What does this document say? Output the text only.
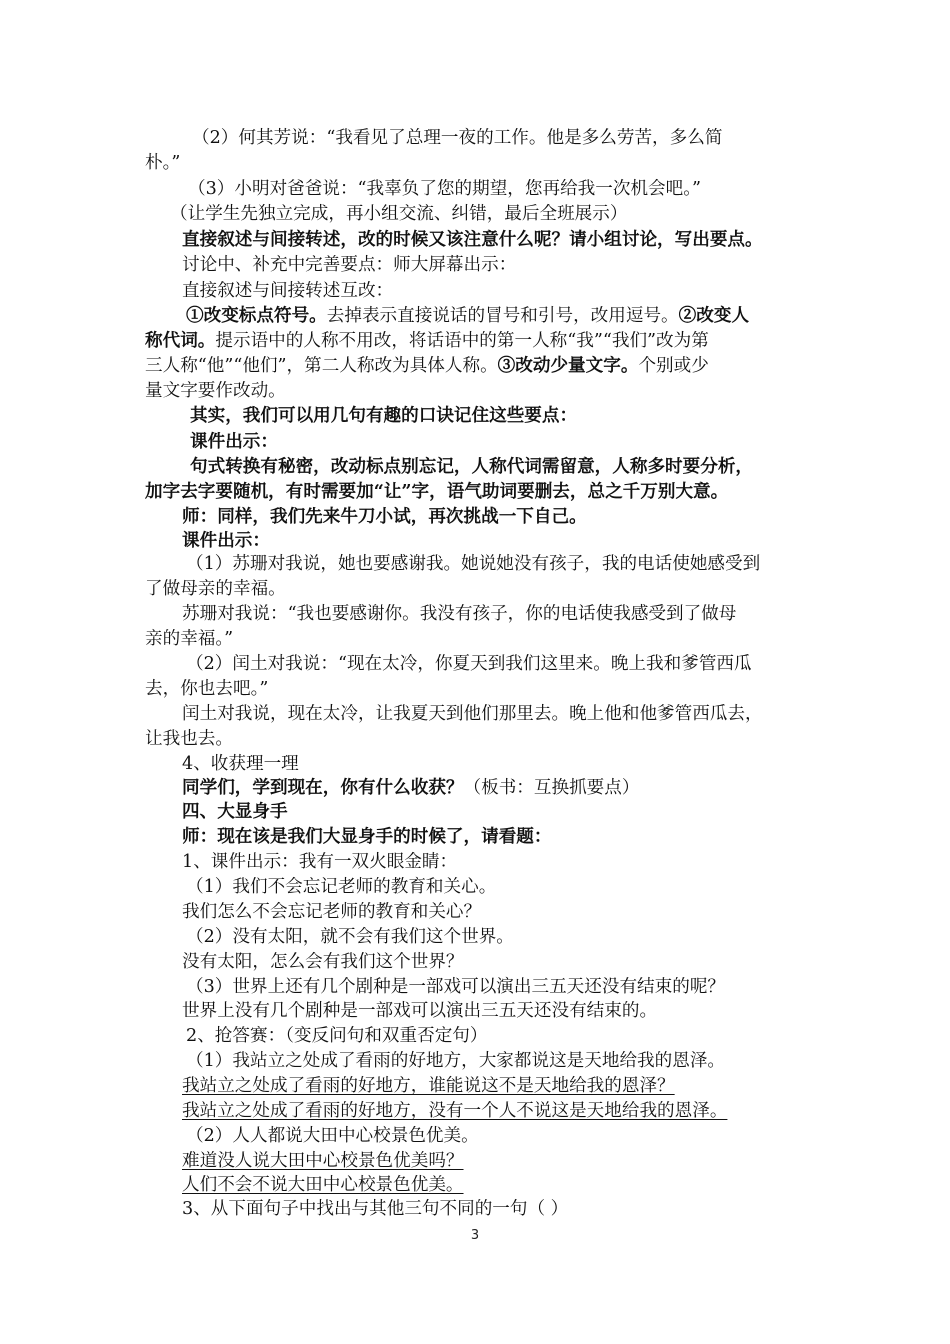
（2）何其芳说：“我看见了总理一夜的工作。他是多么劳苦，多么简
朴。”
（3）小明对爸爸说：“我辜负了您的期望，您再给我一次机会吧。”
（让学生先独立完成，再小组交流、纠错，最后全班展示）
直接叙述与间接转述，改的时候又该注意什么呢？请小组讨论，写出要点。
讨论中、补充中完善要点：师大屏幕出示：
直接叙述与间接转述互改：
①改变标点符号。去掉表示直接说话的冒号和引号，改用逗号。②改变人
称代词。提示语中的人称不用改，将话语中的第一人称“我”“我们”改为第
三人称“他”“他们”，第二人称改为具体人称。③改动少量文字。个别或少
量文字要作改动。
其实，我们可以用几句有趣的口诀记住这些要点：
课件出示：
句式转换有秘密，改动标点别忘记，人称代词需留意，人称多时要分析，
加字去字要随机，有时需要加“让”字，语气助词要删去，总之千万别大意。
师：同样，我们先来牛刀小试，再次挑战一下自己。
课件出示：
（1）苏珊对我说，她也要感谢我。她说她没有孩子，我的电话使她感受到
了做母亲的幸福。
苏珊对我说：“我也要感谢你。我没有孩子，你的电话使我感受到了做母
亲的幸福。”
（2）闰土对我说：“现在太冷，你夏天到我们这里来。晚上我和爹管西瓜
去，你也去吧。”
闰土对我说，现在太冷，让我夏天到他们那里去。晚上他和他爹管西瓜去，
让我也去。
4、收获理一理
同学们，学到现在，你有什么收获？（板书：互换抓要点）
四、大显身手
师：现在该是我们大显身手的时候了，请看题：
1、课件出示：我有一双火眼金睛：
（1）我们不会忘记老师的教育和关心。
我们怎么不会忘记老师的教育和关心？
（2）没有太阳，就不会有我们这个世界。
没有太阳，怎么会有我们这个世界？
（3）世界上还有几个剧种是一部戏可以演出三五天还没有结束的呢？
世界上没有几个剧种是一部戏可以演出三五天还没有结束的。
2、抢答赛：（变反问句和双重否定句）
（1）我站立之处成了看雨的好地方，大家都说这是天地给我的恩泽。
我站立之处成了看雨的好地方，谁能说这不是天地给我的恩泽？
我站立之处成了看雨的好地方，没有一个人不说这是天地给我的恩泽。
（2）人人都说大田中心校景色优美。
难道没人说大田中心校景色优美吗？
人们不会不说大田中心校景色优美。
3、从下面句子中找出与其他三句不同的一句（ ）
3
